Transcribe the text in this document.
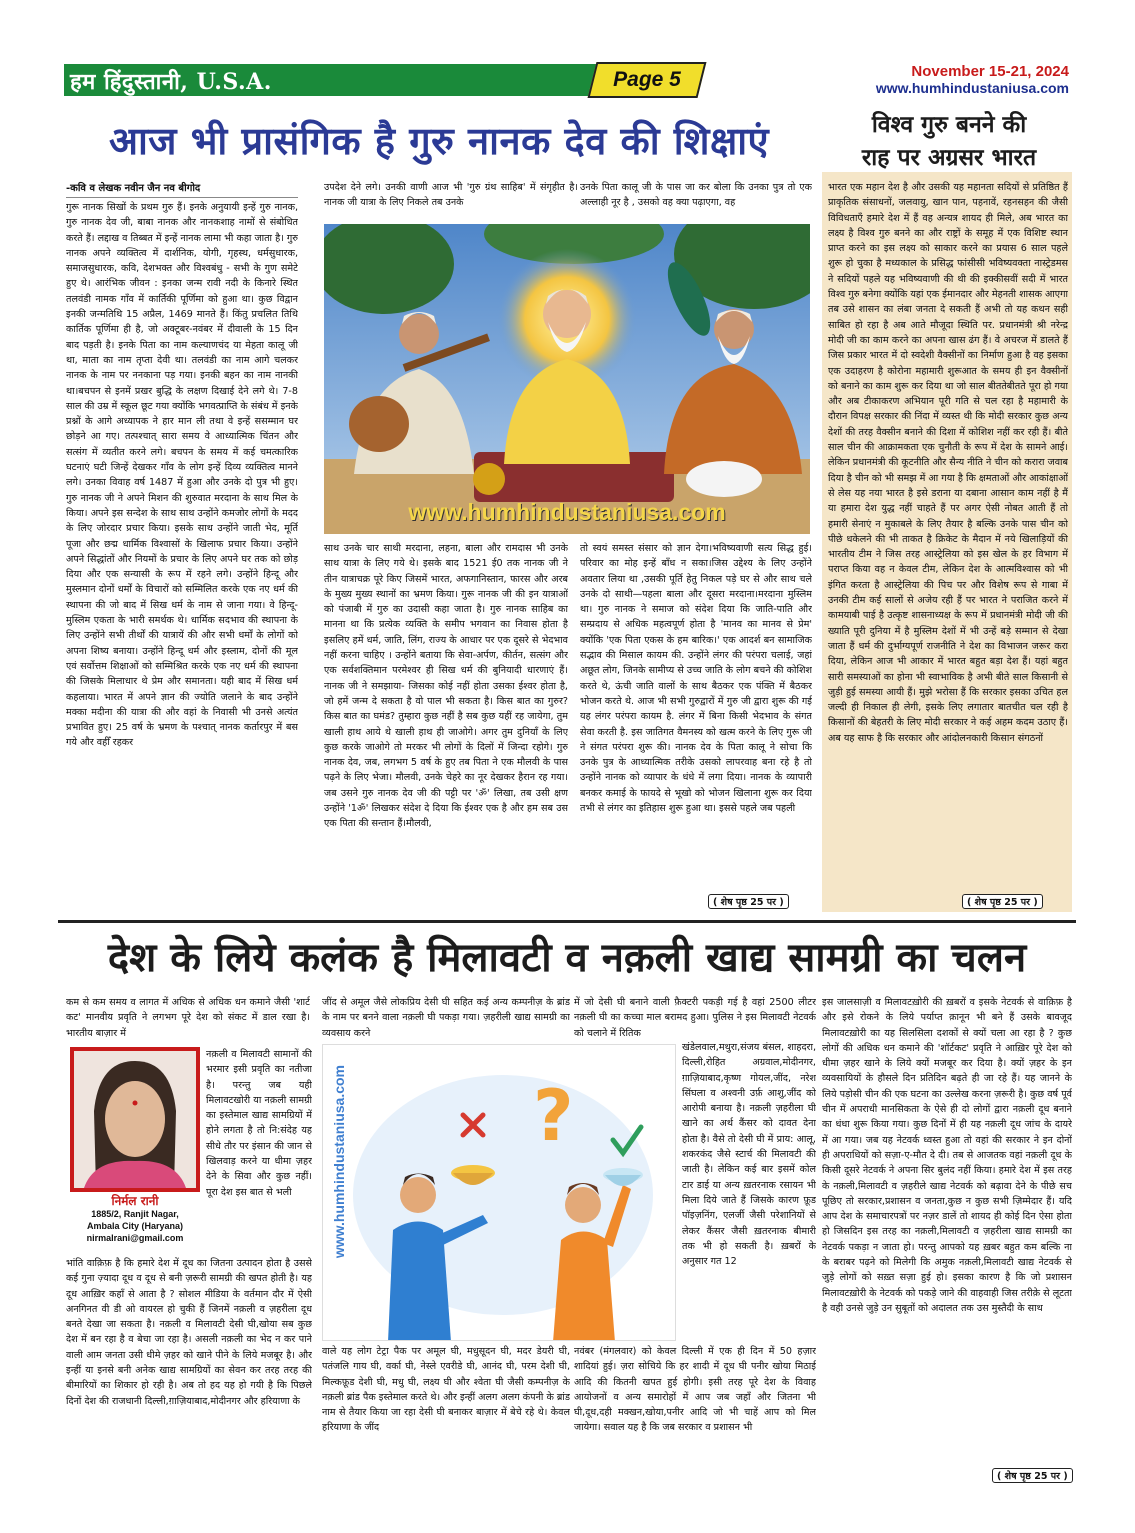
हम हिंदुस्तानी, U.S.A.	Page 5	November 15-21, 2024
www.humhindustaniusa.com
आज भी प्रासंगिक है गुरु नानक देव की शिक्षाएं
-कवि व लेखक नवीन जैन नव बीगोद
गुरू नानक सिखों के प्रथम गुरु हैं। इनके अनुयायी इन्हें गुरु नानक, गुरु नानक देव जी, बाबा नानक और नानकशाह नामों से संबोधित करते हैं। लद्दाख व तिब्बत में इन्हें नानक लामा भी कहा जाता है। गुरु नानक अपने व्यक्तित्व में दार्शनिक, योगी, गृहस्थ, धर्मसुधारक, समाजसुधारक, कवि, देशभक्त और विश्वबंधु - सभी के गुण समेटे हुए थे। आरंभिक जीवन : इनका जन्म रावी नदी के किनारे स्थित तलवंडी नामक गाँव में कार्तिकी पूर्णिमा को हुआ था। कुछ विद्वान इनकी जन्मतिथि 15 अप्रैल, 1469 मानते हैं। किंतु प्रचलित तिथि कार्तिक पूर्णिमा ही है, जो अक्टूबर-नवंबर में दीवाली के 15 दिन बाद पड़ती है। इनके पिता का नाम कल्याणचंद या मेहता कालू जी था, माता का नाम तृप्ता देवी था। तलवंडी का नाम आगे चलकर नानक के नाम पर ननकाना पड़ गया। इनकी बहन का नाम नानकी था।बचपन से इनमें प्रखर बुद्धि के लक्षण दिखाई देने लगे थे। 7-8 साल की उम्र में स्कूल छूट गया क्योंकि भगवत्प्राप्ति के संबंध में इनके प्रश्नों के आगे अध्यापक ने हार मान ली तथा वे इन्हें ससम्मान घर छोड़ने आ गए। तत्पश्चात् सारा समय वे आध्यात्मिक चिंतन और सत्संग में व्यतीत करने लगे। बचपन के समय में कई चमत्कारिक घटनाएं घटी जिन्हें देखकर गाँव के लोग इन्हें दिव्य व्यक्तित्व मानने लगे। उनका विवाह वर्ष 1487 में हुआ और उनके दो पुत्र भी हुए। गुरु नानक जी ने अपने मिशन की शुरुवात मरदाना के साथ मिल के किया। अपने इस सन्देश के साथ साथ उन्होंने कमजोर लोगों के मदद के लिए जोरदार प्रचार किया। इसके साथ उन्होंने जाती भेद, मूर्ति पूजा और छद्म धार्मिक विश्वासों के खिलाफ प्रचार किया। उन्होंने अपने सिद्धांतों और नियमों के प्रचार के लिए अपने घर तक को छोड़ दिया और एक सन्यासी के रूप में रहने लगे। उन्होंने हिन्दू और मुस्लमान दोनों धर्मों के विचारों को सम्मिलित करके एक नए धर्म की स्थापना की जो बाद में सिख धर्म के नाम से जाना गया। वे हिन्दू-मुस्लिम एकता के भारी समर्थक थे। धार्मिक सदभाव की स्थापना के लिए उन्होंने सभी तीर्थों की यात्रायें की और सभी धर्मों के लोगों को अपना शिष्य बनाया। उन्होंने हिन्दू धर्म और इस्लाम, दोनों की मूल एवं सर्वोत्तम शिक्षाओं को सम्मिश्रित करके एक नए धर्म की स्थापना की जिसके मिलाधार थे प्रेम और समानता। यही बाद में सिख धर्म कहलाया। भारत में अपने ज्ञान की ज्योति जलाने के बाद उन्होंने मक्का मदीना की यात्रा की और वहां के निवासी भी उनसे अत्यंत प्रभावित हुए। 25 वर्ष के भ्रमण के पश्चात् नानक कर्तारपुर में बस गये और वहीँ रहकर
उपदेश देने लगे। उनकी वाणी आज भी 'गुरु ग्रंथ साहिब' में संगृहीत है। नानक जी यात्रा के लिए निकले तब उनके
उनके पिता कालू जी के पास जा कर बोला कि उनका पुत्र तो एक अल्लाही नूर है , उसको वह क्या पढ़ाएगा, वह
www.humhindustaniusa.com
साथ उनके चार साथी मरदाना, लहना, बाला और रामदास भी उनके साथ यात्रा के लिए गये थे। इसके बाद 1521 ई0 तक नानक जी ने तीन यात्राचक्र पूरे किए जिसमें भारत, अफगानिस्तान, फारस और अरब के मुख्य मुख्य स्थानों का भ्रमण किया। गुरू नानक जी की इन यात्राओं को पंजाबी में गुरु का उदासी कहा जाता है। गुरु नानक साहिब का मानना था कि प्रत्येक व्यक्ति के समीप भगवान का निवास होता है इसलिए हमें धर्म, जाति, लिंग, राज्य के आधार पर एक दूसरे से भेदभाव नहीं करना चाहिए । उन्होंने बताया कि सेवा-अर्पण, कीर्तन, सत्संग और एक सर्वशक्तिमान परमेश्वर ही सिख धर्म की बुनियादी धारणाएं हैं। नानक जी ने समझाया- जिसका कोई नहीं होता उसका ईश्वर होता है, जो हमें जन्म दे सकता है वो पाल भी सकता है। किस बात का गुरुर? किस बात का घमंड? तुम्हारा कुछ नहीं है सब कुछ यहीं रह जायेगा, तुम खाली हाथ आये थे खाली हाथ ही जाओगे। अगर तुम दुनियाँ के लिए कुछ करके जाओगे तो मरकर भी लोगों के दिलों में जिन्दा रहोगे। गुरु नानक देव, जब, लगभग 5 वर्ष के हुए तब पिता ने एक मौलवी के पास पढ़ने के लिए भेजा। मौलवी, उनके चेहरे का नूर देखकर हैरान रह गया। जब उसने गुरु नानक देव जी की पट्टी पर 'ॐ' लिखा, तब उसी क्षण उन्होंने '1ॐ' लिखकर संदेश दे दिया कि ईश्वर एक है और हम सब उस एक पिता की सन्तान हैं।मौलवी,
तो स्वयं समस्त संसार को ज्ञान देगा।भविष्यवाणी सत्य सिद्ध हुई। परिवार का मोह इन्हें बाँध न सका।जिस उद्देश्य के लिए उन्होंने अवतार लिया था ,उसकी पूर्ति हेतु निकल पड़े घर से और साथ चले उनके दो साथी—पहला बाला और दूसरा मरदाना।मरदाना मुस्लिम था। गुरु नानक ने समाज को संदेश दिया कि जाति-पाति और सम्प्रदाय से अधिक महत्वपूर्ण होता है 'मानव का मानव से प्रेम' क्योंकि 'एक पिता एकस के हम बारिक।' एक आदर्श बन सामाजिक सद्भाव की मिसाल कायम की. उन्होंने लंगर की परंपरा चलाई, जहां अछूत लोग, जिनके सामीप्य से उच्च जाति के लोग बचने की कोशिश करते थे, ऊंची जाति वालों के साथ बैठकर एक पंक्ति में बैठकर भोजन करते थे. आज भी सभी गुरुद्वारों में गुरु जी द्वारा शुरू की गई यह लंगर परंपरा कायम है. लंगर में बिना किसी भेदभाव के संगत सेवा करती है. इस जातिगत वैमनस्य को खत्म करने के लिए गुरू जी ने संगत परंपरा शुरू की। नानक देव के पिता कालू ने सोचा कि उनके पुत्र के आध्यात्मिक तरीके उसको लापरवाह बना रहे है तो उन्होंने नानक को व्यापार के धंधे में लगा दिया। नानक के व्यापारी बनकर कमाई के फायदे से भूखो को भोजन खिलाना शुरू कर दिया तभी से लंगर का इतिहास शुरू हुआ था। इससे पहले जब पहली
( शेष पृष्ठ 25 पर )
विश्व गुरु बनने की
राह पर अग्रसर भारत
भारत एक महान देश है और उसकी यह महानता सदियों से प्रतिष्ठित हैं प्राकृतिक संसाधनों, जलवायु, खान पान, पहनावें, रहनसहन की जैसी विविधताएँ हमारे देश में हैं वह अन्यत्र शायद ही मिले, अब भारत का लक्ष्य है विश्व गुरु बनने का और राष्ट्रों के समूह में एक विशिष्ट स्थान प्राप्त करने का इस लक्ष्य को साकार करने का प्रयास 6 साल पहले शुरू हो चुका है मध्यकाल के प्रसिद्ध फांसीसी भविष्यवक्ता नास्ट्रेडमस ने सदियों पहले यह भविष्यवाणी की थी की इक्कीसवीं सदी में भारत विश्व गुरु बनेगा क्योंकि यहां एक ईमानदार और मेहनती शासक आएगा तब उसे शासन का लंबा जनता दे सकती हैं अभी तो यह कथन सही साबित हो रहा है अब आते मौजूदा स्थिति पर. प्रधानमंत्री श्री नरेन्द्र मोदी जी का काम करने का अपना खास ढंग हैं। वे अचरज में डालते हैं जिस प्रकार भारत में दो स्वदेशी वैक्सीनों का निर्माण हुआ है वह इसका एक उदाहरण है कोरोना महामारी शुरूआत के समय ही इन वैक्सीनों को बनाने का काम शुरू कर दिया था जो साल बीततेबीतते पूरा हो गया और अब टीकाकरण अभियान पूरी गति से चल रहा है महामारी के दौरान विपक्ष सरकार की निंदा में व्यस्त थी कि मोदी सरकार कुछ अन्य देशों की तरह वैक्सीन बनाने की दिशा में कोशिश नहीं कर रही हैं। बीते साल चीन की आक्रामकता एक चुनौती के रूप में देश के सामने आई। लेकिन प्रधानमंत्री की कूटनीति और सैन्य नीति ने चीन को करारा जवाब दिया है चीन को भी समझ में आ गया है कि क्षमताओं और आकांक्षाओं से लेस यह नया भारत है इसे डराना या दबाना आसान काम नहीं है मैं या हमारा देश युद्ध नहीं चाहते हैं पर अगर ऐसी नोबत आती हैं तो हमारी सेनाएं न मुकाबले के लिए तैयार है बल्कि उनके पास चीन को पीछे धकेलने की भी ताकत है क्रिकेट के मैदान में नये खिलाड़ियों की भारतीय टीम ने जिस तरह आस्ट्रेलिया को इस खेल के हर विभाग में पराप्त किया वह न केवल टीम, लेकिन देश के आत्मविश्वास को भी इंगित करता है आस्ट्रेलिया की पिच पर और विशेष रूप से गाबा में उनकी टीम कई सालों से अजेय रही हैं पर भारत ने पराजित करने में कामयाबी पाई है उत्कृष्ट शासनाध्यक्ष के रूप में प्रधानमंत्री मोदी जी की ख्याति पूरी दुनिया में है मुस्लिम देशों में भी उन्हें बड़े सम्मान से देखा जाता हैं धर्म की दुर्भाग्यपूर्ण राजनीति ने देश का विभाजन जरूर करा दिया, लेकिन आज भी आकार में भारत बहुत बड़ा देश हैं। यहां बहुत सारी समस्याओं का होना भी स्वाभाविक है अभी बीते साल किसानी से जुड़ी हुई समस्या आयी हैं। मुझे भरोसा हैं कि सरकार इसका उचित हल जल्दी ही निकाल ही लेगी, इसके लिए लगातार बातचीत चल रही है किसानों की बेहतरी के लिए मोदी सरकार ने कई अहम कदम उठाए हैं। अब यह साफ है कि सरकार और आंदोलनकारी किसान संगठनों
( शेष पृष्ठ 25 पर )
देश के लिये कलंक है मिलावटी व नक़ली खाद्य सामग्री का चलन
कम से कम समय व लागत में अधिक से अधिक धन कमाने जैसी 'शार्ट कट' मानवीय प्रवृति ने लगभग पूरे देश को संकट में डाल रखा है। भारतीय बाज़ार में
निर्मल रानी
1885/2, Ranjit Nagar,
Ambala City (Haryana)
nirmalrani@gmail.com
नक़ली व मिलावटी सामानों की भरमार इसी प्रवृति का नतीजा है। परन्तु जब यही मिलावटखोरी या नक़ली सामग्री का इस्तेमाल खाद्य सामग्रियों में होने लगता है तो नि:संदेह यह सीधे तौर पर इंसान की जान से खिलवाड़ करने या धीमा ज़हर देने के सिवा और कुछ नहीं। पूरा देश इस बात से भली
भांति वाक़िफ़ है कि हमारे देश में दूध का जितना उत्पादन होता है उससे कई गुना ज़्यादा दूध व दूध से बनी ज़रूरी सामग्री की खपत होती है। यह दूध आख़िर कहाँ से आता है ? सोशल मीडिया के वर्तमान दौर में ऐसी अनगिनत वी डी ओ वायरल हो चुकी हैं जिनमें नक़ली व ज़हरीला दूध बनते देखा जा सकता है। नक़ली व मिलावटी देसी घी,खोया सब कुछ देश में बन रहा है व बेचा जा रहा है। असली नक़ली का भेद न कर पाने वाली आम जनता उसी धीमे ज़हर को खाने पीने के लिये मजबूर है। और इन्हीं या इनसे बनी अनेक खाद्य सामग्रियों का सेवन कर तरह तरह की बीमारियों का शिकार हो रही है। अब तो हद यह हो गयी है कि पिछले दिनों देश की राजधानी दिल्ली,ग़ाज़ियाबाद,मोदीनगर और हरियाणा के
जींद से अमूल जैसे लोकप्रिय देसी घी सहित कई अन्य कम्पनीज़ के ब्रांड के नाम पर बनने वाला नक़ली घी पकड़ा गया। ज़हरीली खाद्य सामग्री का व्यवसाय करने
में जो देसी घी बनाने वाली फ़ैक्टरी पकड़ी गई है वहां 2500 लीटर नक़ली घी का कच्चा माल बरामद हुआ। पुलिस ने इस मिलावटी नेटवर्क को चलाने में रितिक
?
www.humhindustaniusa.com
खंडेलवाल,मथुरा,संजय बंसल, शाहदरा, दिल्ली,रोहित अग्रवाल,मोदीनगर, ग़ाज़ियाबाद,कृष्ण गोयल,जींद, नरेश सिंघला व अश्वनी उर्फ़ आशु,जींद को आरोपी बनाया है। नक़ली ज़हरीला घी खाने का अर्थ कैंसर को दावत देना होता है। वैसे तो देसी घी में प्राय: आलू, शकरकंद जैसे स्टार्च की मिलावटी की जाती है। लेकिन कई बार इसमें कोल टार डाई या अन्य ख़तरनाक रसायन भी मिला दिये जाते हैं जिसके कारण फ़ूड पॉइज़निंग, एलर्जी जैसी परेशानियों से लेकर कैंसर जैसी ख़तरनाक बीमारी तक भी हो सकती है। ख़बरों के अनुसार गत 12
वाले यह लोग टेट्रा पैक पर अमूल घी, मधुसूदन घी, मदर डेयरी घी, पतंजलि गाय घी, वर्का घी, नेस्ले एवरीडे घी, आनंद घी, परम देशी घी, मिल्कफ़ूड देशी घी, मधु घी, लक्ष्य घी और श्वेता घी जैसी कम्पनीज़ के नक़ली ब्रांड पैक इस्तेमाल करते थे। और इन्हीं अलग अलग कंपनी के ब्रांड नाम से तैयार किया जा रहा देसी घी बनाकर बाज़ार में बेचे रहे थे। केवल हरियाणा के जींद
नवंबर (मंगलवार) को केवल दिल्ली में एक ही दिन में 50 हज़ार शादियां हुई। ज़रा सोचिये कि हर शादी में दूध घी पनीर खोया मिठाई आदि की कितनी खपत हुई होगी। इसी तरह पूरे देश के विवाह आयोजनों व अन्य समारोहों में आप जब जहाँ और जितना भी घी,दूध,दही मक्खन,खोया,पनीर आदि जो भी चाहें आप को मिल जायेगा। सवाल यह है कि जब सरकार व प्रशासन भी
इस जालसाज़ी व मिलावटख़ोरी की ख़बरों व इसके नेटवर्क से वाक़िफ़ है और इसे रोकने के लिये पर्याप्त क़ानून भी बने हैं उसके बावजूद मिलावटख़ोरी का यह सिलसिला दशकों से क्यों चला आ रहा है ? कुछ लोगों की अधिक धन कमाने की 'शॉर्टकट' प्रवृति ने आख़िर पूरे देश को धीमा ज़हर खाने के लिये क्यों मजबूर कर दिया है। क्यों ज़हर के इन व्यवसायियों के हौसले दिन प्रतिदिन बढ़ते ही जा रहे हैं। यह जानने के लिये पड़ोसी चीन की एक घटना का उल्लेख करना ज़रूरी है। कुछ वर्ष पूर्व चीन में अपराधी मानसिकता के ऐसे ही दो लोगों द्वारा नक़ली दूध बनाने का धंधा शुरू किया गया। कुछ दिनों में ही यह नक़ली दूध जांच के दायरे में आ गया। जब यह नेटवर्क ध्वस्त हुआ तो वहां की सरकार ने इन दोनों ही अपराधियों को सज़ा-ए-मौत दे दी। तब से आजतक वहां नक़ली दूध के किसी दूसरे नेटवर्क ने अपना सिर बुलंद नहीं किया। हमारे देश में इस तरह के नक़ली,मिलावटी व ज़हरीले खाद्य नेटवर्क को बढ़ावा देने के पीछे सच पूछिए तो सरकार,प्रशासन व जनता,कुछ न कुछ सभी ज़िम्मेदार हैं। यदि आप देश के समाचारपत्रों पर नज़र डालें तो शायद ही कोई दिन ऐसा होता हो जिसदिन इस तरह का नक़ली,मिलावटी व ज़हरीला खाद्य सामग्री का नेटवर्क पकड़ा न जाता हो। परन्तु आपको यह ख़बर बहुत कम बल्कि ना के बराबर पढ़ने को मिलेगी कि अमुक नक़ली,मिलावटी खाद्य नेटवर्क से जुड़े लोगों को सख़्त सज़ा हुई हो। इसका कारण है कि जो प्रशासन मिलावटख़ोरी के नेटवर्क को पकड़े जाने की वाहवाही जिस तरीक़े से लूटता है वही उनसे जुड़े उन सुबूतों को अदालत तक उस मुस्तैदी के साथ
( शेष पृष्ठ 25 पर )
